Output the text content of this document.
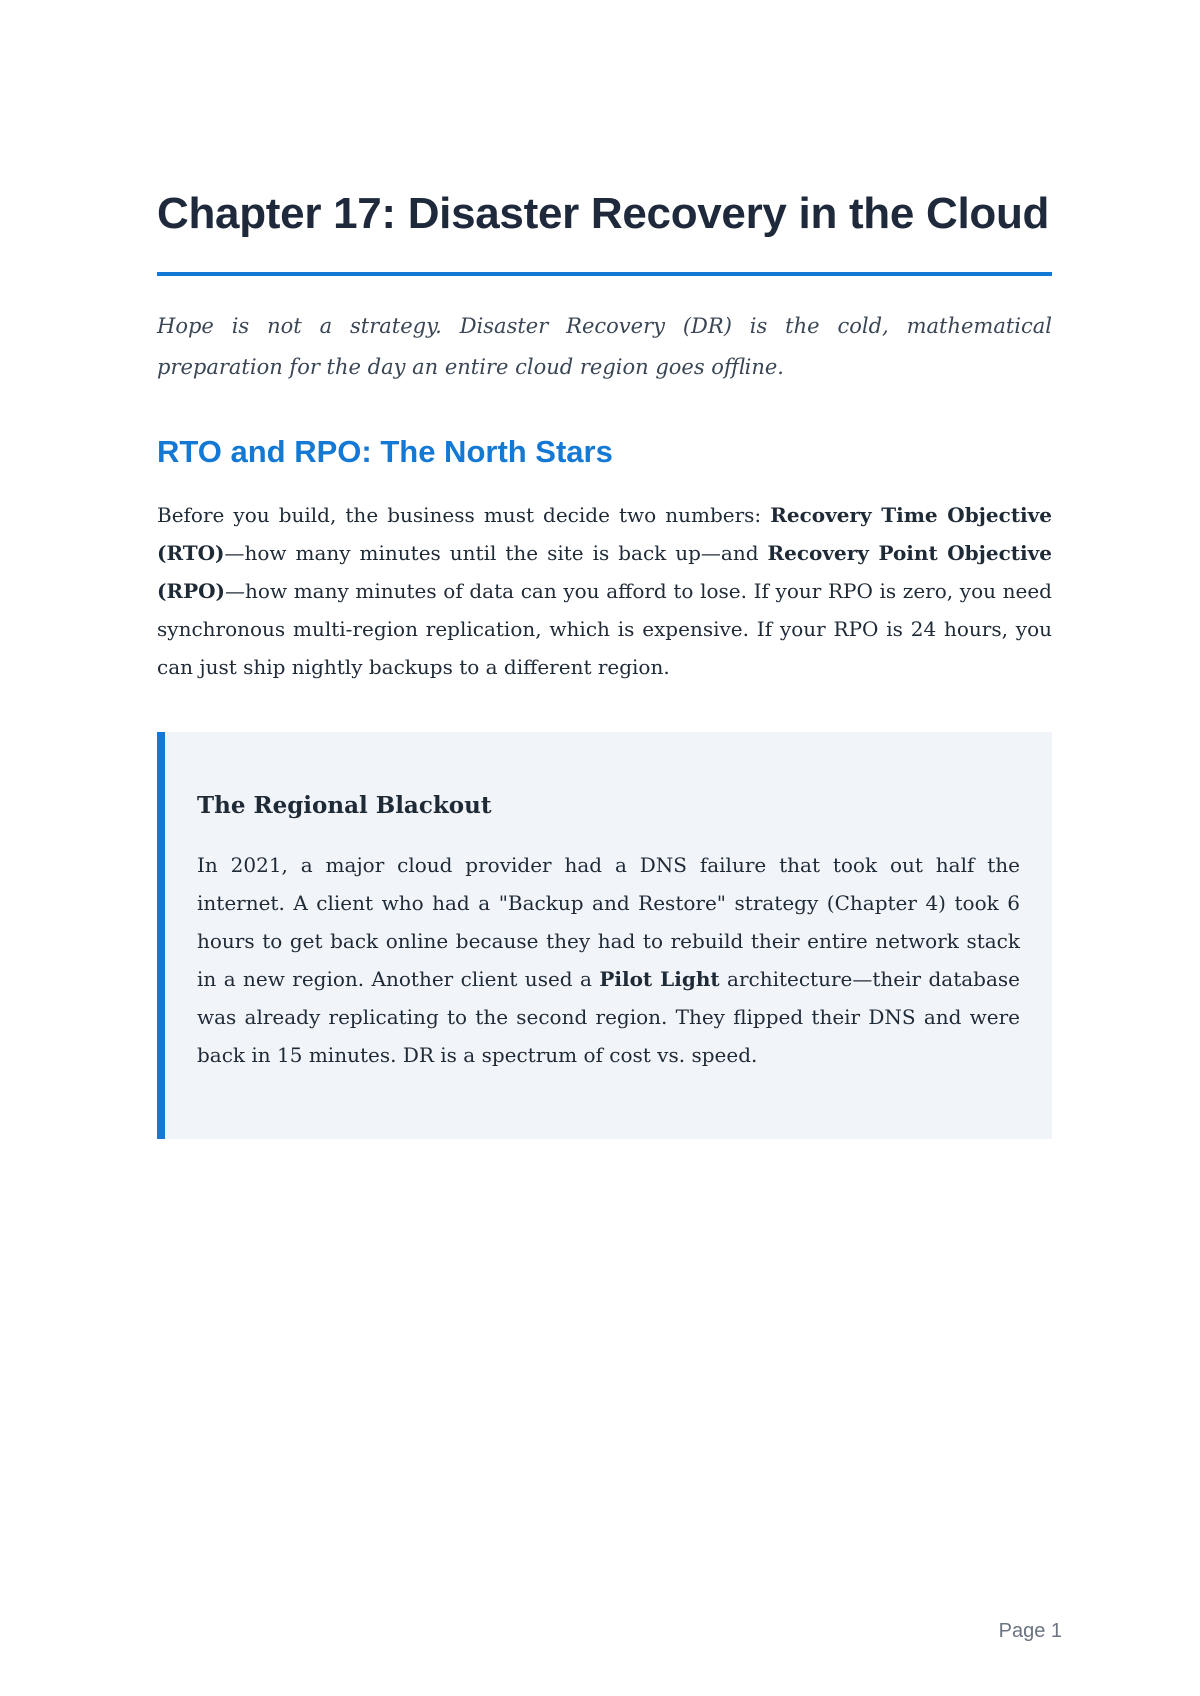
Chapter 17: Disaster Recovery in the Cloud

Hope is not a strategy. Disaster Recovery (DR) is the cold, mathematical preparation for the day an entire cloud region goes offline.

RTO and RPO: The North Stars

Before you build, the business must decide two numbers: Recovery Time Objective (RTO)—how many minutes until the site is back up—and Recovery Point Objective (RPO)—how many minutes of data can you afford to lose. If your RPO is zero, you need synchronous multi-region replication, which is expensive. If your RPO is 24 hours, you can just ship nightly backups to a different region.

The Regional Blackout

In 2021, a major cloud provider had a DNS failure that took out half the internet. A client who had a "Backup and Restore" strategy (Chapter 4) took 6 hours to get back online because they had to rebuild their entire network stack in a new region. Another client used a Pilot Light architecture—their database was already replicating to the second region. They flipped their DNS and were back in 15 minutes. DR is a spectrum of cost vs. speed.

Page 1
